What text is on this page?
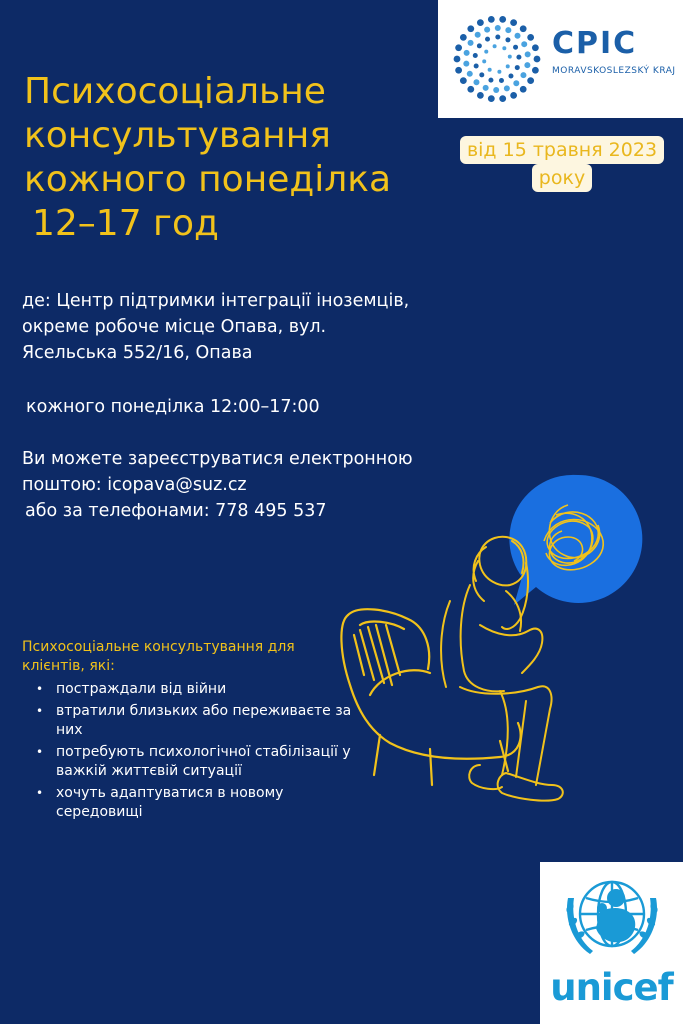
CPIC
MORAVSKOSLEZSKÝ KRAJ
Психосоціальне
консультування
кожного понеділка
12–17 год
від 15 травня 2023
року
де: Центр підтримки інтеграції іноземців,
окреме робоче місце Опава, вул.
Ясельська 552/16, Опава
кожного понеділка 12:00–17:00
Ви можете зареєструватися електронною
поштою: icopava@suz.cz
або за телефонами: 778 495 537
Психосоціальне консультування для клієнтів, які:
• постраждали від війни
• втратили близьких або переживаєте за них
• потребують психологічної стабілізації у важкій життєвій ситуації
• хочуть адаптуватися в новому середовищі
unicef
